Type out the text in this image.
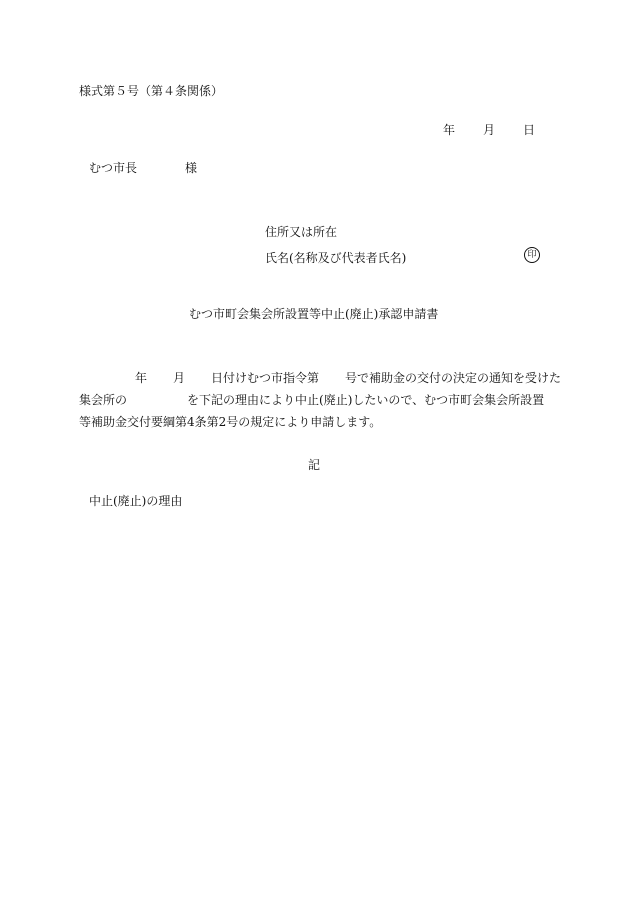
様式第５号（第４条関係）
年 月 日
むつ市長	様
住所又は所在
氏名(名称及び代表者氏名)	印
むつ市町会集会所設置等中止(廃止)承認申請書
年 月 日付けむつ市指令第 号で補助金の交付の決定の通知を受けた
集会所の	を下記の理由により中止(廃止)したいので、むつ市町会集会所設置
等補助金交付要綱第4条第2号の規定により申請します。
記
中止(廃止)の理由
